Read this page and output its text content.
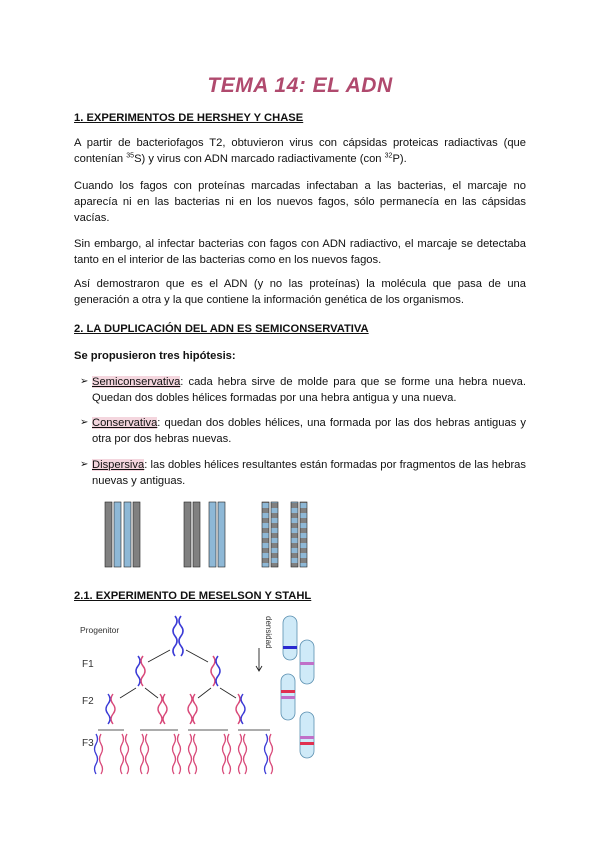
TEMA 14: EL ADN
1. EXPERIMENTOS DE HERSHEY Y CHASE
A partir de bacteriofagos T2, obtuvieron virus con cápsidas proteicas radiactivas (que contenían $^{35}$S) y virus con ADN marcado radiactivamente (con $^{32}$P).
Cuando los fagos con proteínas marcadas infectaban a las bacterias, el marcaje no aparecía ni en las bacterias ni en los nuevos fagos, sólo permanecía en las cápsidas vacías.
Sin embargo, al infectar bacterias con fagos con ADN radiactivo, el marcaje se detectaba tanto en el interior de las bacterias como en los nuevos fagos.
Así demostraron que es el ADN (y no las proteínas) la molécula que pasa de una generación a otra y la que contiene la información genética de los organismos.
2. LA DUPLICACIÓN DEL ADN ES SEMICONSERVATIVA
Se propusieron tres hipótesis:
➢ Semiconservativa: cada hebra sirve de molde para que se forme una hebra nueva. Quedan dos dobles hélices formadas por una hebra antigua y una nueva.
➢ Conservativa: quedan dos dobles hélices, una formada por las dos hebras antiguas y otra por dos hebras nuevas.
➢ Dispersiva: las dobles hélices resultantes están formadas por fragmentos de las hebras nuevas y antiguas.
2.1. EXPERIMENTO DE MESELSON Y STAHL
Progenitor
F1
F2
F3
densidad
